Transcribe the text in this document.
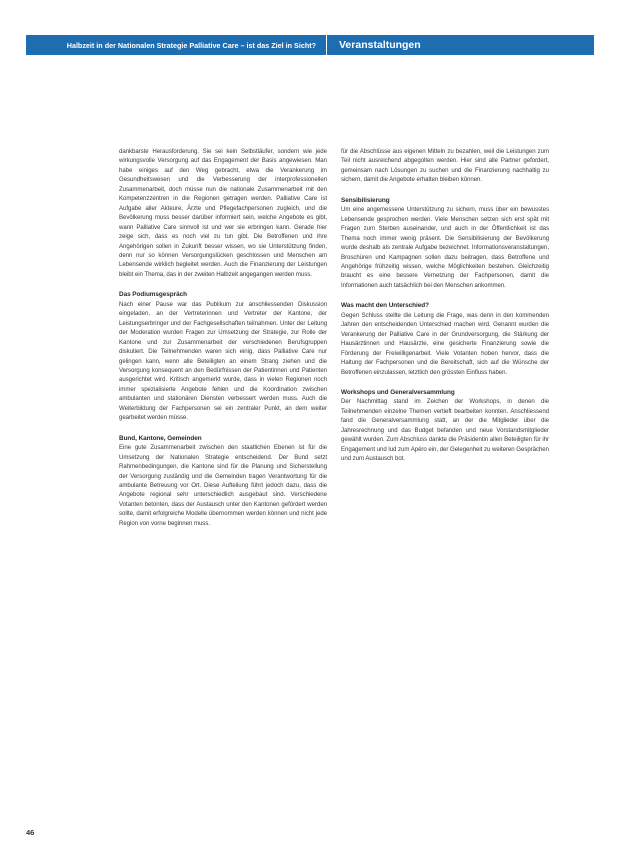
Halbzeit in der Nationalen Strategie Palliative Care – ist das Ziel in Sicht?	Veranstaltungen

dankbarste Herausforderung. Sie sei kein Selbstläufer, sondern wie jede wirkungsvolle Versorgung auf das Engagement der Basis angewiesen. Man habe einiges auf den Weg gebracht, etwa die Verankerung im Gesundheitswesen und die Verbesserung der interprofessionellen Zusammenarbeit, doch müsse nun die nationale Zusammenarbeit mit den Kompetenzzentren in die Regionen getragen werden. Palliative Care ist Aufgabe aller Akteure, Ärzte und Pflegefachpersonen zugleich, und die Bevölkerung muss besser darüber informiert sein, welche Angebote es gibt, wann Palliative Care sinnvoll ist und wer sie erbringen kann. Gerade hier zeige sich, dass es noch viel zu tun gibt. Die Betroffenen und ihre Angehörigen sollen in Zukunft besser wissen, wo sie Unterstützung finden, denn nur so können Versorgungslücken geschlossen und Menschen am Lebensende wirklich begleitet werden. Auch die Finanzierung der Leistungen bleibt ein Thema, das in der zweiten Halbzeit angegangen werden muss.

Das Podiumsgespräch

Nach einer Pause war das Publikum zur anschliessenden Diskussion eingeladen, an der Vertreterinnen und Vertreter der Kantone, der Leistungserbringer und der Fachgesellschaften teilnahmen. Unter der Leitung der Moderation wurden Fragen zur Umsetzung der Strategie, zur Rolle der Kantone und zur Zusammenarbeit der verschiedenen Berufsgruppen diskutiert. Die Teilnehmenden waren sich einig, dass Palliative Care nur gelingen kann, wenn alle Beteiligten an einem Strang ziehen und die Versorgung konsequent an den Bedürfnissen der Patientinnen und Patienten ausgerichtet wird. Kritisch angemerkt wurde, dass in vielen Regionen noch immer spezialisierte Angebote fehlen und die Koordination zwischen ambulanten und stationären Diensten verbessert werden muss. Auch die Weiterbildung der Fachpersonen sei ein zentraler Punkt, an dem weiter gearbeitet werden müsse.

Bund, Kantone, Gemeinden

Eine gute Zusammenarbeit zwischen den staatlichen Ebenen ist für die Umsetzung der Nationalen Strategie entscheidend. Der Bund setzt Rahmenbedingungen, die Kantone sind für die Planung und Sicherstellung der Versorgung zuständig und die Gemeinden tragen Verantwortung für die ambulante Betreuung vor Ort. Diese Aufteilung führt jedoch dazu, dass die Angebote regional sehr unterschiedlich ausgebaut sind. Verschiedene Votanten betonten, dass der Austausch unter den Kantonen gefördert werden sollte, damit erfolgreiche Modelle übernommen werden können und nicht jede Region von vorne beginnen muss.

für die Abschlüsse aus eigenen Mitteln zu bezahlen, weil die Leistungen zum Teil nicht ausreichend abgegolten werden. Hier sind alle Partner gefordert, gemeinsam nach Lösungen zu suchen und die Finanzierung nachhaltig zu sichern, damit die Angebote erhalten bleiben können.

Sensibilisierung

Um eine angemessene Unterstützung zu sichern, muss über ein bewusstes Lebensende gesprochen werden. Viele Menschen setzen sich erst spät mit Fragen zum Sterben auseinander, und auch in der Öffentlichkeit ist das Thema noch immer wenig präsent. Die Sensibilisierung der Bevölkerung wurde deshalb als zentrale Aufgabe bezeichnet. Informationsveranstaltungen, Broschüren und Kampagnen sollen dazu beitragen, dass Betroffene und Angehörige frühzeitig wissen, welche Möglichkeiten bestehen. Gleichzeitig braucht es eine bessere Vernetzung der Fachpersonen, damit die Informationen auch tatsächlich bei den Menschen ankommen.

Was macht den Unterschied?

Gegen Schluss stellte die Leitung die Frage, was denn in den kommenden Jahren den entscheidenden Unterschied machen wird. Genannt wurden die Verankerung der Palliative Care in der Grundversorgung, die Stärkung der Hausärztinnen und Hausärzte, eine gesicherte Finanzierung sowie die Förderung der Freiwilligenarbeit. Viele Votanten hoben hervor, dass die Haltung der Fachpersonen und die Bereitschaft, sich auf die Wünsche der Betroffenen einzulassen, letztlich den grössten Einfluss haben.

Workshops und Generalversammlung

Der Nachmittag stand im Zeichen der Workshops, in denen die Teilnehmenden einzelne Themen vertieft bearbeiten konnten. Anschliessend fand die Generalversammlung statt, an der die Mitglieder über die Jahresrechnung und das Budget befanden und neue Vorstandsmitglieder gewählt wurden. Zum Abschluss dankte die Präsidentin allen Beteiligten für ihr Engagement und lud zum Apéro ein, der Gelegenheit zu weiteren Gesprächen und zum Austausch bot.

46
